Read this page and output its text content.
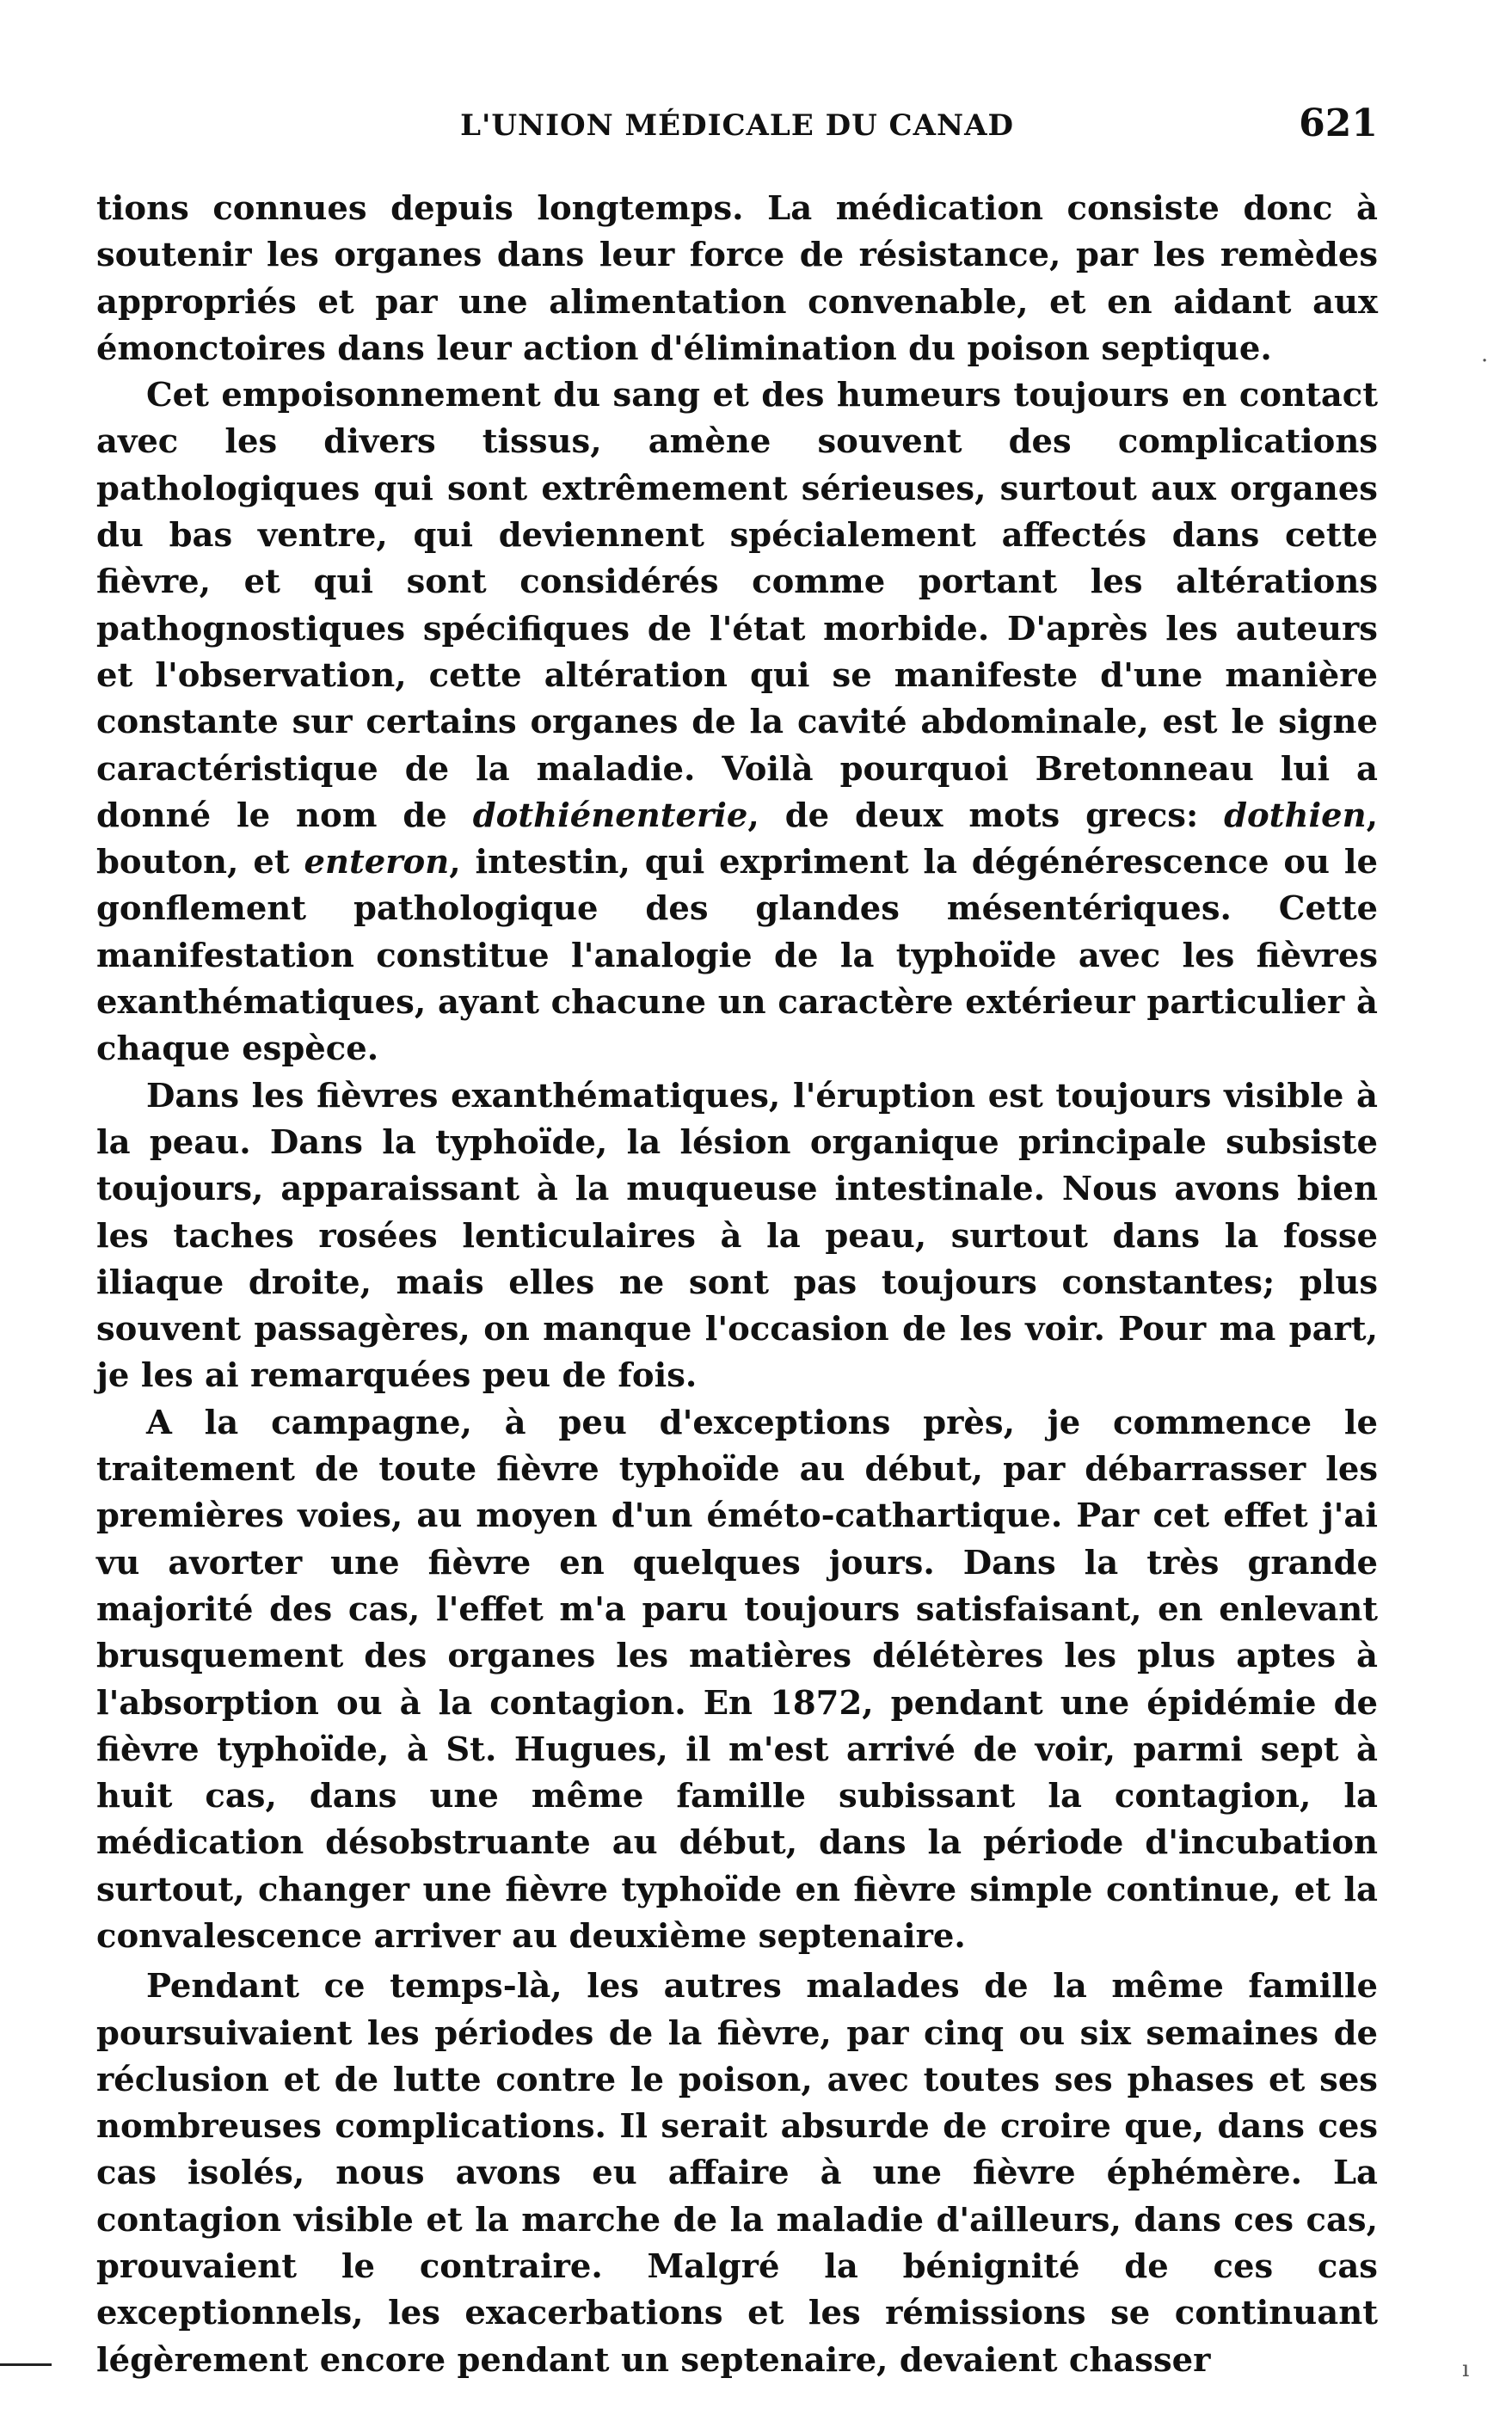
L'UNION MÉDICALE DU CANAD	621

tions connues depuis longtemps. La médication consiste donc à soutenir les organes dans leur force de résistance, par les remèdes appropriés et par une alimentation convenable, et en aidant aux émonctoires dans leur action d'élimination du poison septique.

Cet empoisonnement du sang et des humeurs toujours en contact avec les divers tissus, amène souvent des complications pathologiques qui sont extrêmement sérieuses, surtout aux organes du bas ventre, qui deviennent spécialement affectés dans cette fièvre, et qui sont considérés comme portant les altérations pathognostiques spécifiques de l'état morbide. D'après les auteurs et l'observation, cette altération qui se manifeste d'une manière constante sur certains organes de la cavité abdominale, est le signe caractéristique de la maladie. Voilà pourquoi Bretonneau lui a donné le nom de dothiénenterie, de deux mots grecs: dothien, bouton, et enteron, intestin, qui expriment la dégénérescence ou le gonflement pathologique des glandes mésentériques. Cette manifestation constitue l'analogie de la typhoïde avec les fièvres exanthématiques, ayant chacune un caractère extérieur particulier à chaque espèce.

Dans les fièvres exanthématiques, l'éruption est toujours visible à la peau. Dans la typhoïde, la lésion organique principale subsiste toujours, apparaissant à la muqueuse intestinale. Nous avons bien les taches rosées lenticulaires à la peau, surtout dans la fosse iliaque droite, mais elles ne sont pas toujours constantes; plus souvent passagères, on manque l'occasion de les voir. Pour ma part, je les ai remarquées peu de fois.

A la campagne, à peu d'exceptions près, je commence le traitement de toute fièvre typhoïde au début, par débarrasser les premières voies, au moyen d'un éméto-cathartique. Par cet effet j'ai vu avorter une fièvre en quelques jours. Dans la très grande majorité des cas, l'effet m'a paru toujours satisfaisant, en enlevant brusquement des organes les matières délétères les plus aptes à l'absorption ou à la contagion. En 1872, pendant une épidémie de fièvre typhoïde, à St. Hugues, il m'est arrivé de voir, parmi sept à huit cas, dans une même famille subissant la contagion, la médication désobstruante au début, dans la période d'incubation surtout, changer une fièvre typhoïde en fièvre simple continue, et la convalescence arriver au deuxième septenaire.

Pendant ce temps-là, les autres malades de la même famille poursuivaient les périodes de la fièvre, par cinq ou six semaines de réclusion et de lutte contre le poison, avec toutes ses phases et ses nombreuses complications. Il serait absurde de croire que, dans ces cas isolés, nous avons eu affaire à une fièvre éphémère. La contagion visible et la marche de la maladie d'ailleurs, dans ces cas, prouvaient le contraire. Malgré la bénignité de ces cas exceptionnels, les exacerbations et les rémissions se continuant légèrement encore pendant un septenaire, devaient chasser

·
ı
